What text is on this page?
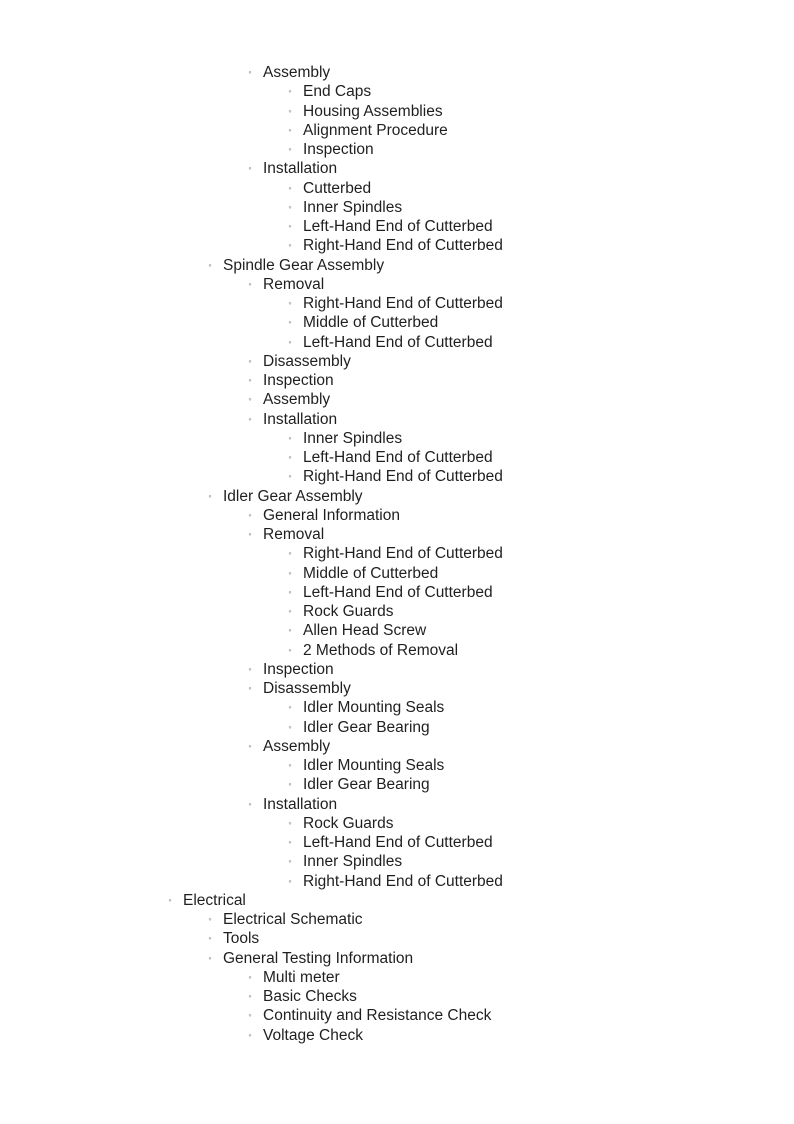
◦ Assembly
◦ End Caps
◦ Housing Assemblies
◦ Alignment Procedure
◦ Inspection
◦ Installation
◦ Cutterbed
◦ Inner Spindles
◦ Left-Hand End of Cutterbed
◦ Right-Hand End of Cutterbed
◦ Spindle Gear Assembly
◦ Removal
◦ Right-Hand End of Cutterbed
◦ Middle of Cutterbed
◦ Left-Hand End of Cutterbed
◦ Disassembly
◦ Inspection
◦ Assembly
◦ Installation
◦ Inner Spindles
◦ Left-Hand End of Cutterbed
◦ Right-Hand End of Cutterbed
◦ Idler Gear Assembly
◦ General Information
◦ Removal
◦ Right-Hand End of Cutterbed
◦ Middle of Cutterbed
◦ Left-Hand End of Cutterbed
◦ Rock Guards
◦ Allen Head Screw
◦ 2 Methods of Removal
◦ Inspection
◦ Disassembly
◦ Idler Mounting Seals
◦ Idler Gear Bearing
◦ Assembly
◦ Idler Mounting Seals
◦ Idler Gear Bearing
◦ Installation
◦ Rock Guards
◦ Left-Hand End of Cutterbed
◦ Inner Spindles
◦ Right-Hand End of Cutterbed
◦ Electrical
◦ Electrical Schematic
◦ Tools
◦ General Testing Information
◦ Multi meter
◦ Basic Checks
◦ Continuity and Resistance Check
◦ Voltage Check
